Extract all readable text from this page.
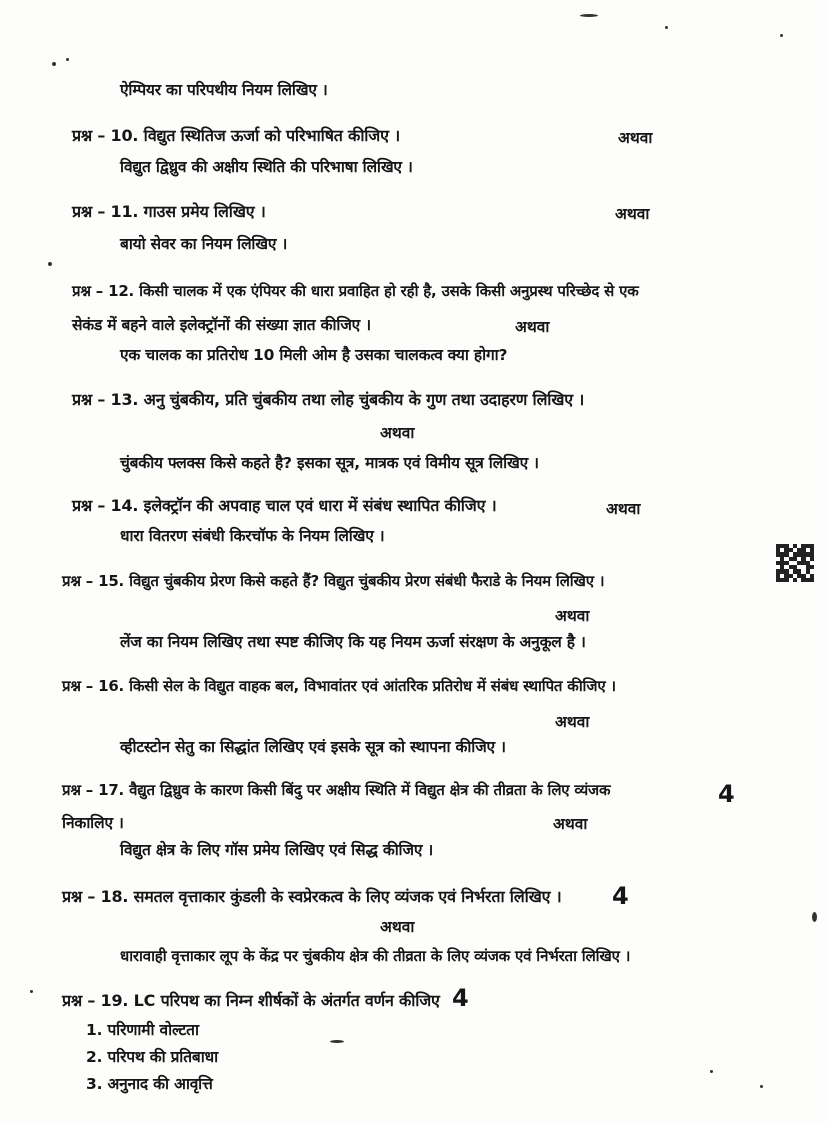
ऐम्पियर का परिपथीय नियम लिखिए ।
प्रश्न – 10. विद्युत स्थितिज ऊर्जा को परिभाषित कीजिए ।	अथवा
विद्युत द्विध्रुव की अक्षीय स्थिति की परिभाषा लिखिए ।
प्रश्न – 11. गाउस प्रमेय लिखिए ।	अथवा
बायो सेवर का नियम लिखिए ।
प्रश्न – 12. किसी चालक में एक एंपियर की धारा प्रवाहित हो रही है, उसके किसी अनुप्रस्थ परिच्छेद से एक
सेकंड में बहने वाले इलेक्ट्रॉनों की संख्या ज्ञात कीजिए ।	अथवा
एक चालक का प्रतिरोध 10 मिली ओम है उसका चालकत्व क्या होगा?
प्रश्न – 13. अनु चुंबकीय, प्रति चुंबकीय तथा लोह चुंबकीय के गुण तथा उदाहरण लिखिए ।
अथवा
चुंबकीय फ्लक्स किसे कहते है? इसका सूत्र, मात्रक एवं विमीय सूत्र लिखिए ।
प्रश्न – 14. इलेक्ट्रॉन की अपवाह चाल एवं धारा में संबंध स्थापित कीजिए ।	अथवा
धारा वितरण संबंधी किरचॉफ के नियम लिखिए ।
प्रश्न – 15. विद्युत चुंबकीय प्रेरण किसे कहते हैं? विद्युत चुंबकीय प्रेरण संबंधी फैराडे के नियम लिखिए ।
अथवा
लेंज का नियम लिखिए तथा स्पष्ट कीजिए कि यह नियम ऊर्जा संरक्षण के अनुकूल है ।
प्रश्न – 16. किसी सेल के विद्युत वाहक बल, विभावांतर एवं आंतरिक प्रतिरोध में संबंध स्थापित कीजिए ।
अथवा
व्हीटस्टोन सेतु का सिद्धांत लिखिए एवं इसके सूत्र को स्थापना कीजिए ।
प्रश्न – 17. वैद्युत द्विध्रुव के कारण किसी बिंदु पर अक्षीय स्थिति में विद्युत क्षेत्र की तीव्रता के लिए व्यंजक	4
निकालिए ।	अथवा
विद्युत क्षेत्र के लिए गॉस प्रमेय लिखिए एवं सिद्ध कीजिए ।
प्रश्न – 18. समतल वृत्ताकार कुंडली के स्वप्रेरकत्व के लिए व्यंजक एवं निर्भरता लिखिए । 4
अथवा
धारावाही वृत्ताकार लूप के केंद्र पर चुंबकीय क्षेत्र की तीव्रता के लिए व्यंजक एवं निर्भरता लिखिए ।
प्रश्न – 19. LC परिपथ का निम्न शीर्षकों के अंतर्गत वर्णन कीजिए 4
1. परिणामी वोल्टता
2. परिपथ की प्रतिबाधा
3. अनुनाद की आवृत्ति
